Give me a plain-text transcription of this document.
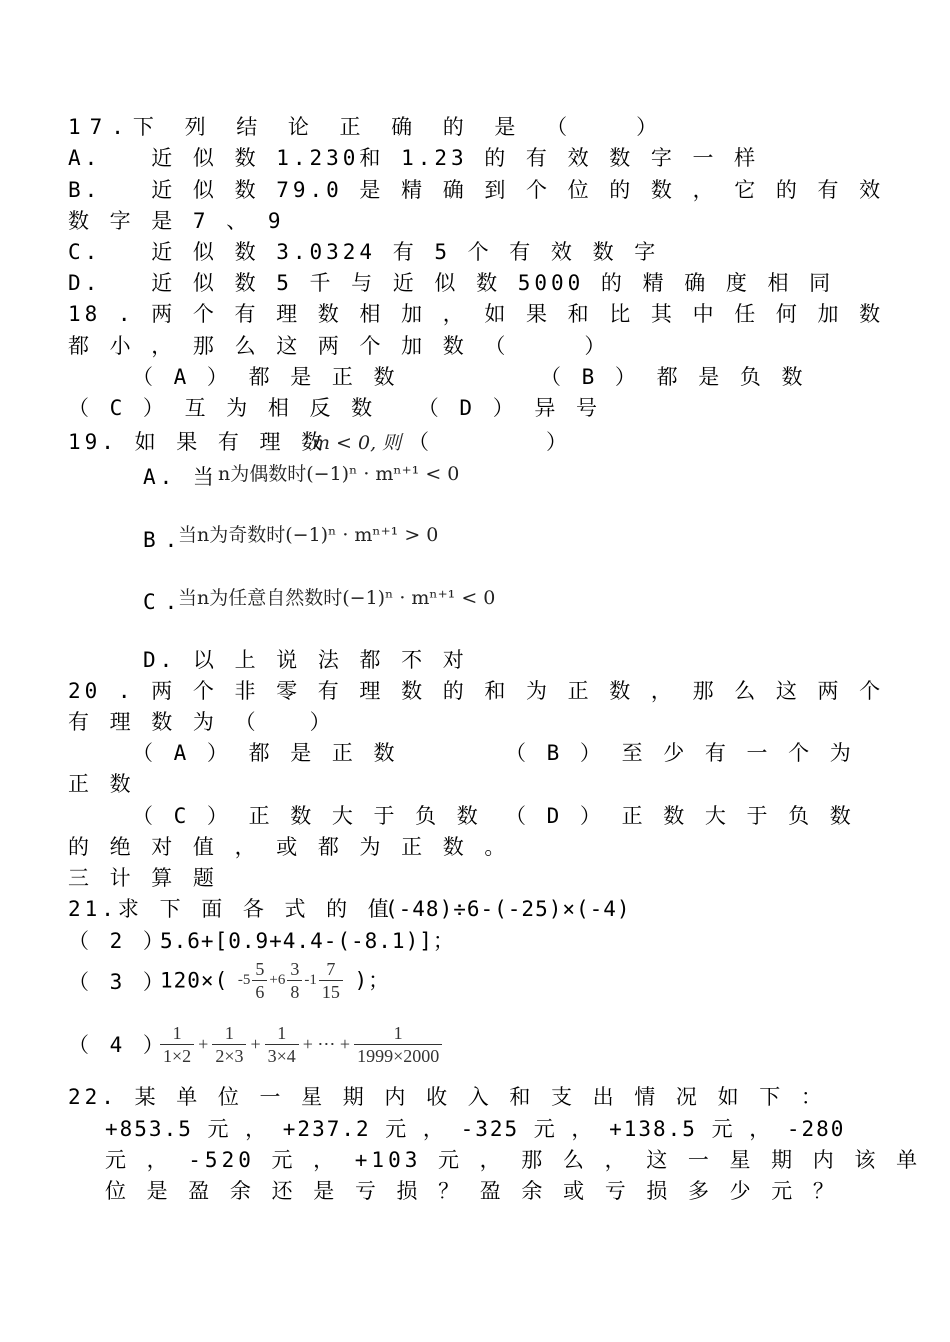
17.下 列 结 论 正 确 的 是 （　　）
A.　　近 似 数 1.230和 1.23 的 有 效 数 字 一 样
B.　　近 似 数 79.0 是 精 确 到 个 位 的 数 ， 它 的 有 效
数 字 是 7 、 9
C.　　近 似 数 3.0324 有 5 个 有 效 数 字
D.　　近 似 数 5 千 与 近 似 数 5000 的 精 确 度 相 同
18 . 两 个 有 理 数 相 加 ， 如 果 和 比 其 中 任 何 加 数
都 小 ， 那 么 这 两 个 加 数 （　　　）
（ A ） 都 是 正 数	（ B ） 都 是 负 数
（ C ） 互 为 相 反 数　 （ D ） 异 号
19. 如 果 有 理 数
m < 0, 则 （　　　　　）
A. 当 n为偶数时(−1)ⁿ · mⁿ⁺¹ < 0
B.
当n为奇数时(−1)ⁿ · mⁿ⁺¹ > 0
C.
当n为任意自然数时(−1)ⁿ · mⁿ⁺¹ < 0
D. 以 上 说 法 都 不 对
20 . 两 个 非 零 有 理 数 的 和 为 正 数 ， 那 么 这 两 个
有 理 数 为 （　　）
（ A ） 都 是 正 数	（ B ） 至 少 有 一 个 为
正 数
（ C ） 正 数 大 于 负 数 （ D ） 正 数 大 于 负 数
的 绝 对 值 ， 或 都 为 正 数 。
三 计 算 题
21.求 下 面 各 式 的 值
(-48)÷6-(-25)×(-4)
（ 2 ）
5.6+[0.9+4.4-(-8.1)]；
（ 3 ）
120×( $-5 \frac{5}{6} +6 \frac{3}{8} -1 \frac{7}{15}$ )；
（ 4 ）
$\frac{1}{1\times 2} + \frac{1}{2\times 3} + \frac{1}{3\times 4}$ + ⋯ + $\frac{1}{1999\times 2000}$
22. 某 单 位 一 星 期 内 收 入 和 支 出 情 况 如 下 ：
+853.5 元 ， +237.2 元 ， -325 元 ， +138.5 元 ， -280
元 ， -520 元 ， +103 元 ， 那 么 ， 这 一 星 期 内 该 单
位 是 盈 余 还 是 亏 损 ？ 盈 余 或 亏 损 多 少 元 ？
